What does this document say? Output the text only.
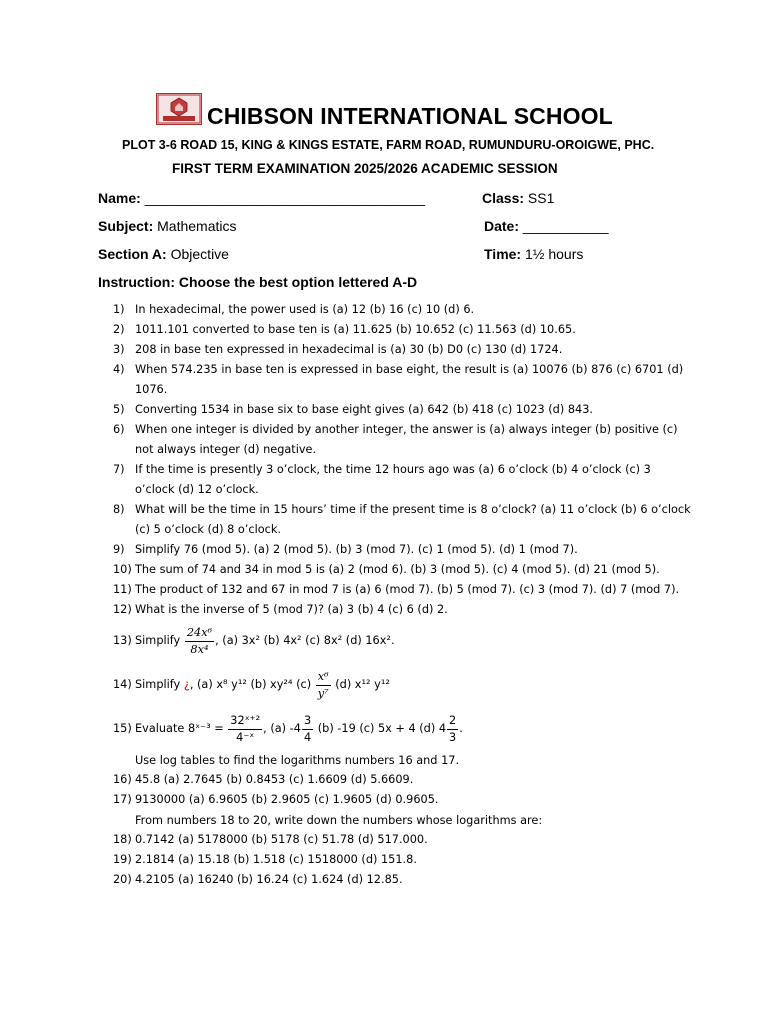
CHIBSON INTERNATIONAL SCHOOL
PLOT 3-6 ROAD 15, KING & KINGS ESTATE, FARM ROAD, RUMUNDURU-OROIGWE, PHC.
FIRST TERM EXAMINATION 2025/2026 ACADEMIC SESSION
Name: ____________________________________	Class: SS1
Subject: Mathematics	Date: ___________
Section A: Objective	Time: 1½ hours
Instruction: Choose the best option lettered A-D
1) In hexadecimal, the power used is (a) 12 (b) 16 (c) 10 (d) 6.
2) 1011.101 converted to base ten is (a) 11.625 (b) 10.652 (c) 11.563 (d) 10.65.
3) 208 in base ten expressed in hexadecimal is (a) 30 (b) D0 (c) 130 (d) 1724.
4) When 574.235 in base ten is expressed in base eight, the result is (a) 10076 (b) 876 (c) 6701 (d) 1076.
5) Converting 1534 in base six to base eight gives (a) 642 (b) 418 (c) 1023 (d) 843.
6) When one integer is divided by another integer, the answer is (a) always integer (b) positive (c) not always integer (d) negative.
7) If the time is presently 3 o’clock, the time 12 hours ago was (a) 6 o’clock (b) 4 o’clock (c) 3 o’clock (d) 12 o’clock.
8) What will be the time in 15 hours’ time if the present time is 8 o’clock? (a) 11 o’clock (b) 6 o’clock (c) 5 o’clock (d) 8 o’clock.
9) Simplify 76 (mod 5). (a) 2 (mod 5). (b) 3 (mod 7). (c) 1 (mod 5). (d) 1 (mod 7).
10) The sum of 74 and 34 in mod 5 is (a) 2 (mod 6). (b) 3 (mod 5). (c) 4 (mod 5). (d) 21 (mod 5).
11) The product of 132 and 67 in mod 7 is (a) 6 (mod 7). (b) 5 (mod 7). (c) 3 (mod 7). (d) 7 (mod 7).
12) What is the inverse of 5 (mod 7)? (a) 3 (b) 4 (c) 6 (d) 2.
13) Simplify $\frac{\text{24x⁶}}{\text{8x⁴}}$ , (a) 3x² (b) 4x² (c) 8x² (d) 16x².
14) Simplify ¿, (a) x⁸ y¹² (b) xy²⁴ $(c) \frac{\text{x⁶}}{\text{y⁷}} (d)$ x¹² y¹²
15) Evaluate 8ˣ⁻³ = $\frac{\text{32ˣ⁺²}}{\text{4⁻ˣ}}$ , (a) $-4 \frac{3}{4} (b)$ -19 (c) 5x + 4 (d) $4 \frac{2}{3}$ .
Use log tables to find the logarithms numbers 16 and 17.
16) 45.8 (a) 2.7645 (b) 0.8453 (c) 1.6609 (d) 5.6609.
17) 9130000 (a) 6.9605 (b) 2.9605 (c) 1.9605 (d) 0.9605.
From numbers 18 to 20, write down the numbers whose logarithms are:
18) 0.7142 (a) 5178000 (b) 5178 (c) 51.78 (d) 517.000.
19) 2.1814 (a) 15.18 (b) 1.518 (c) 1518000 (d) 151.8.
20) 4.2105 (a) 16240 (b) 16.24 (c) 1.624 (d) 12.85.
